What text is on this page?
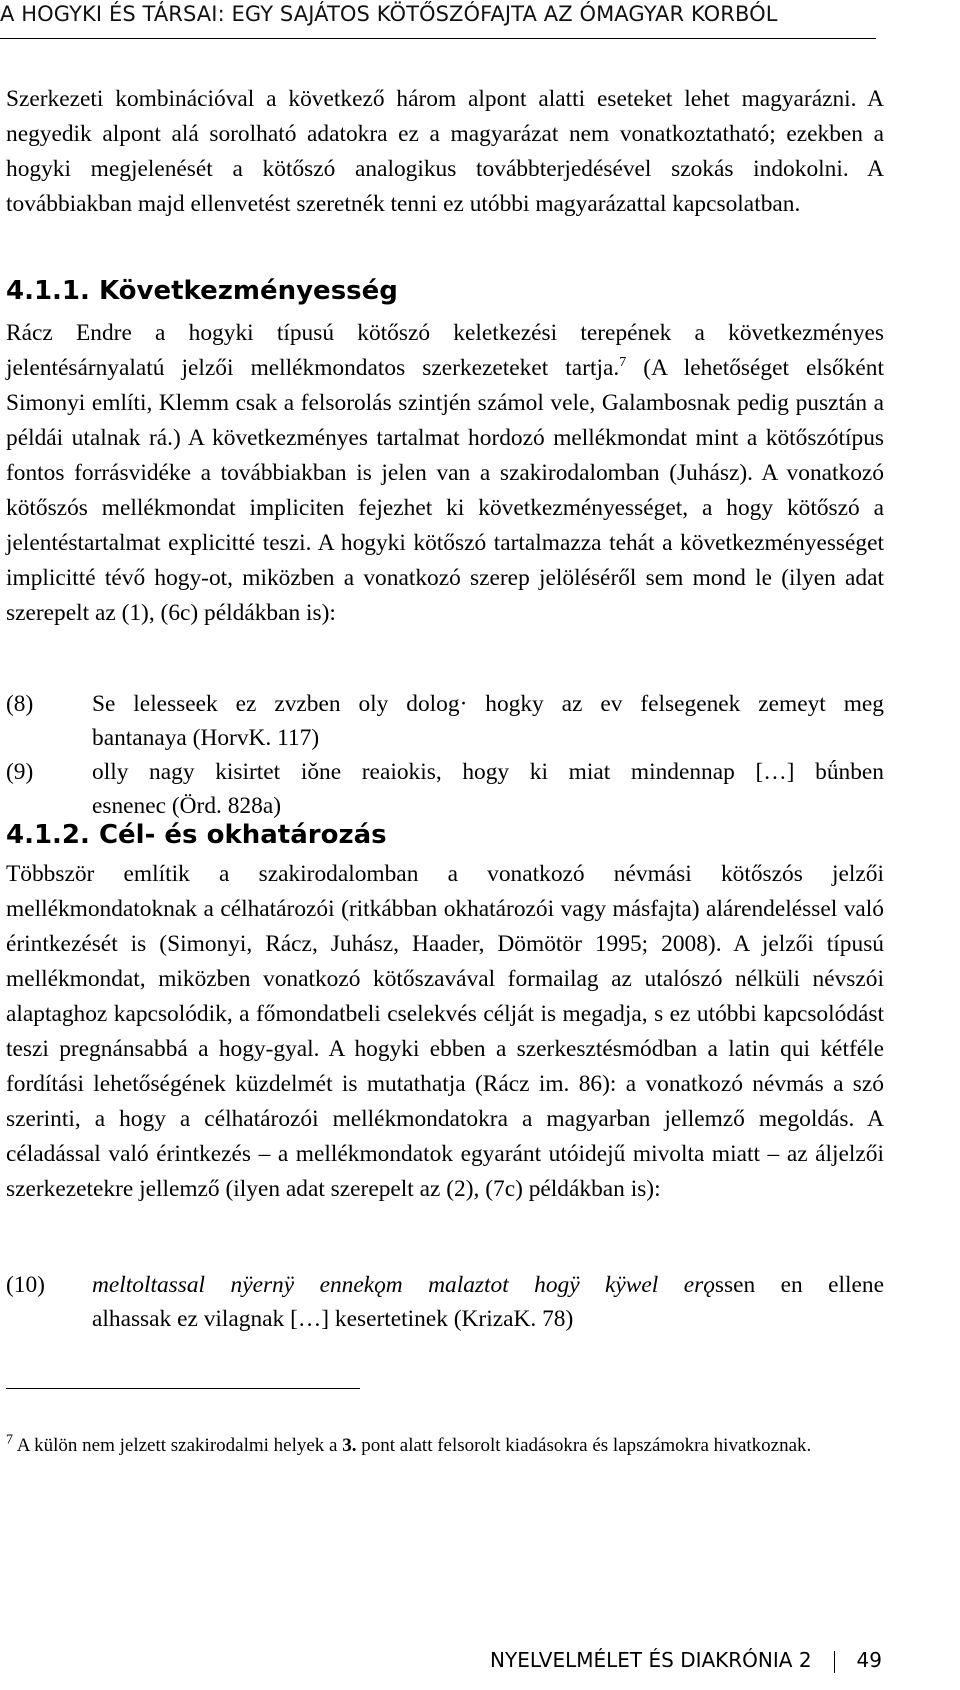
A HOGYKI ÉS TÁRSAI: EGY SAJÁTOS KÖTŐSZÓFAJTA AZ ÓMAGYAR KORBÓL

Szerkezeti kombinációval a következő három alpont alatti eseteket lehet magyarázni. A negyedik alpont alá sorolható adatokra ez a magyarázat nem vonatkoztatható; ezekben a hogyki megjelenését a kötőszó analogikus továbbterjedésével szokás indokolni. A továbbiakban majd ellenvetést szeretnék tenni ez utóbbi magyarázattal kapcsolatban.

4.1.1. Következményesség

Rácz Endre a hogyki típusú kötőszó keletkezési terepének a következményes jelentésárnyalatú jelzői mellékmondatos szerkezeteket tartja.$^7$ (A lehetőséget elsőként Simonyi említi, Klemm csak a felsorolás szintjén számol vele, Galambosnak pedig pusztán a példái utalnak rá.) A következményes tartalmat hordozó mellékmondat mint a kötőszótípus fontos forrásvidéke a továbbiakban is jelen van a szakirodalomban (Juhász). A vonatkozó kötőszós mellékmondat impliciten fejezhet ki következményességet, a hogy kötőszó a jelentéstartalmat explicitté teszi. A hogyki kötőszó tartalmazza tehát a következményességet implicitté tévő hogy-ot, miközben a vonatkozó szerep jelöléséről sem mond le (ilyen adat szerepelt az (1), (6c) példákban is):

(8)	Se lelesseek ez zvzben oly dolog· hogky az ev felsegenek zemeyt meg
bantanaya (HorvK. 117)
(9)	olly nagy kisirtet iǒne reaiokis, hogy ki miat mindennap […] bǘnben
esnenec (Örd. 828a)
4.1.2. Cél- és okhatározás

Többször említik a szakirodalomban a vonatkozó névmási kötőszós jelzői mellékmondatoknak a célhatározói (ritkábban okhatározói vagy másfajta) alárendeléssel való érintkezését is (Simonyi, Rácz, Juhász, Haader, Dömötör 1995; 2008). A jelzői típusú mellékmondat, miközben vonatkozó kötőszavával formailag az utalószó nélküli névszói alaptaghoz kapcsolódik, a főmondatbeli cselekvés célját is megadja, s ez utóbbi kapcsolódást teszi pregnánsabbá a hogy-gyal. A hogyki ebben a szerkesztésmódban a latin qui kétféle fordítási lehetőségének küzdelmét is mutathatja (Rácz im. 86): a vonatkozó névmás a szó szerinti, a hogy a célhatározói mellékmondatokra a magyarban jellemző megoldás. A céladással való érintkezés – a mellékmondatok egyaránt utóidejű mivolta miatt – az áljelzői szerkezetekre jellemző (ilyen adat szerepelt az (2), (7c) példákban is):

(10) meltoltassal nÿernÿ ennekǫm malaztot hogÿ kÿwel erǫssen en ellene
alhassak ez vilagnak […] kesertetinek (KrizaK. 78)
$^7$ A külön nem jelzett szakirodalmi helyek a 3. pont alatt felsorolt kiadásokra és lapszámokra hivatkoznak.
NYELVELMÉLET ÉS DIAKRÓNIA 2 49
